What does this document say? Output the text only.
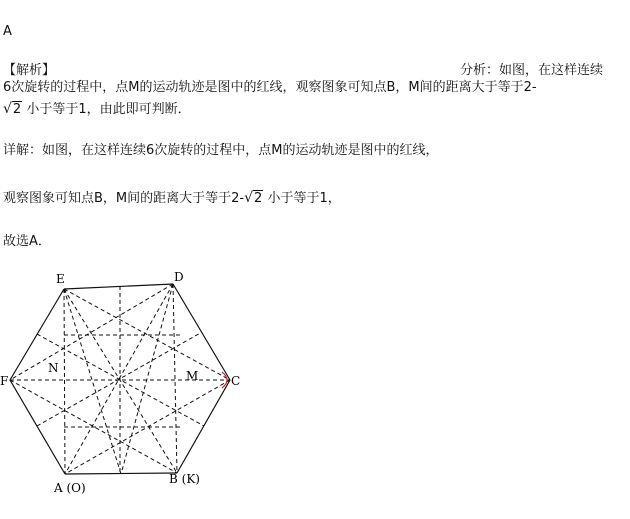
A
【解析】	分析：如图，在这样连续
6次旋转的过程中，点M的运动轨迹是图中的红线，观察图象可知点B，M间的距离大于等于2-
√2 小于等于1，由此即可判断．
详解：如图，在这样连续6次旋转的过程中，点M的运动轨迹是图中的红线，
观察图象可知点B，M间的距离大于等于2-√2 小于等于1，
故选A．
E	D
F	C
N
M
A (O)
B (K)
